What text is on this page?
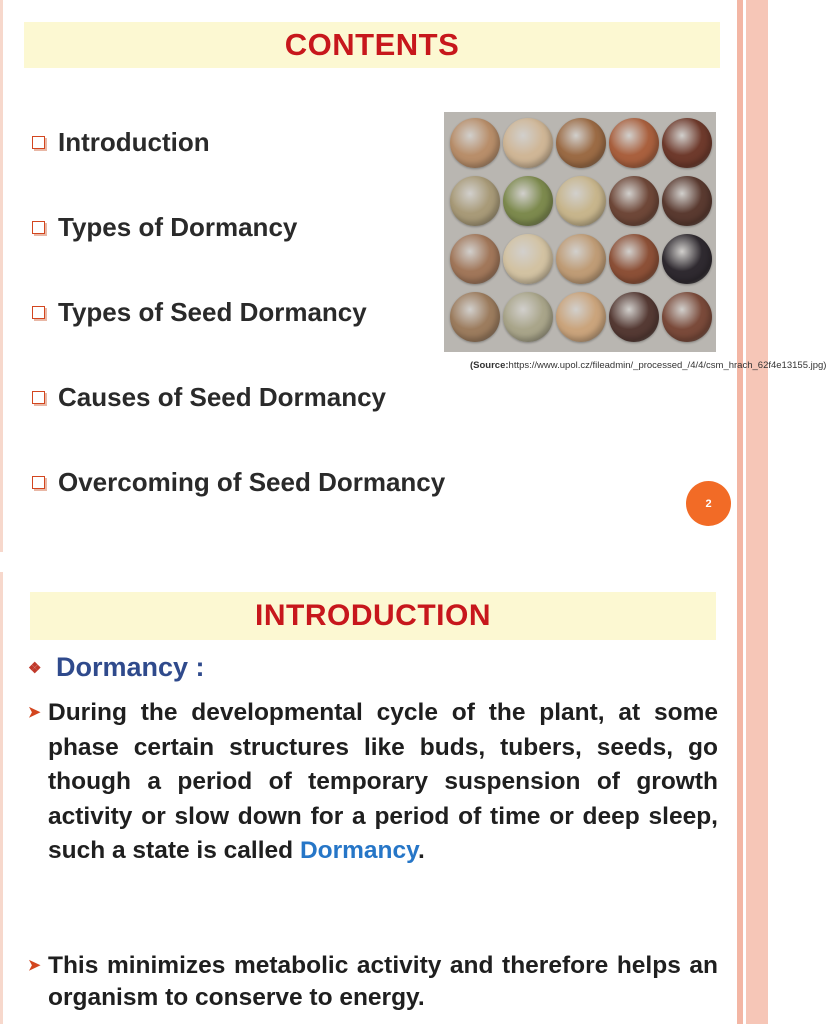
CONTENTS
Introduction
Types of Dormancy
Types of Seed Dormancy
Causes of Seed Dormancy
Overcoming of Seed Dormancy
(Source:https://www.upol.cz/fileadmin/_processed_/4/4/csm_hrach_62f4e13155.jpg)
2
INTRODUCTION
❖ Dormancy :
➤ During the developmental cycle of the plant, at some phase certain structures like buds, tubers, seeds, go though a period of temporary suspension of growth activity or slow down for a period of time or deep sleep, such a state is called Dormancy.
➤ This minimizes metabolic activity and therefore helps an organism to conserve to energy.
